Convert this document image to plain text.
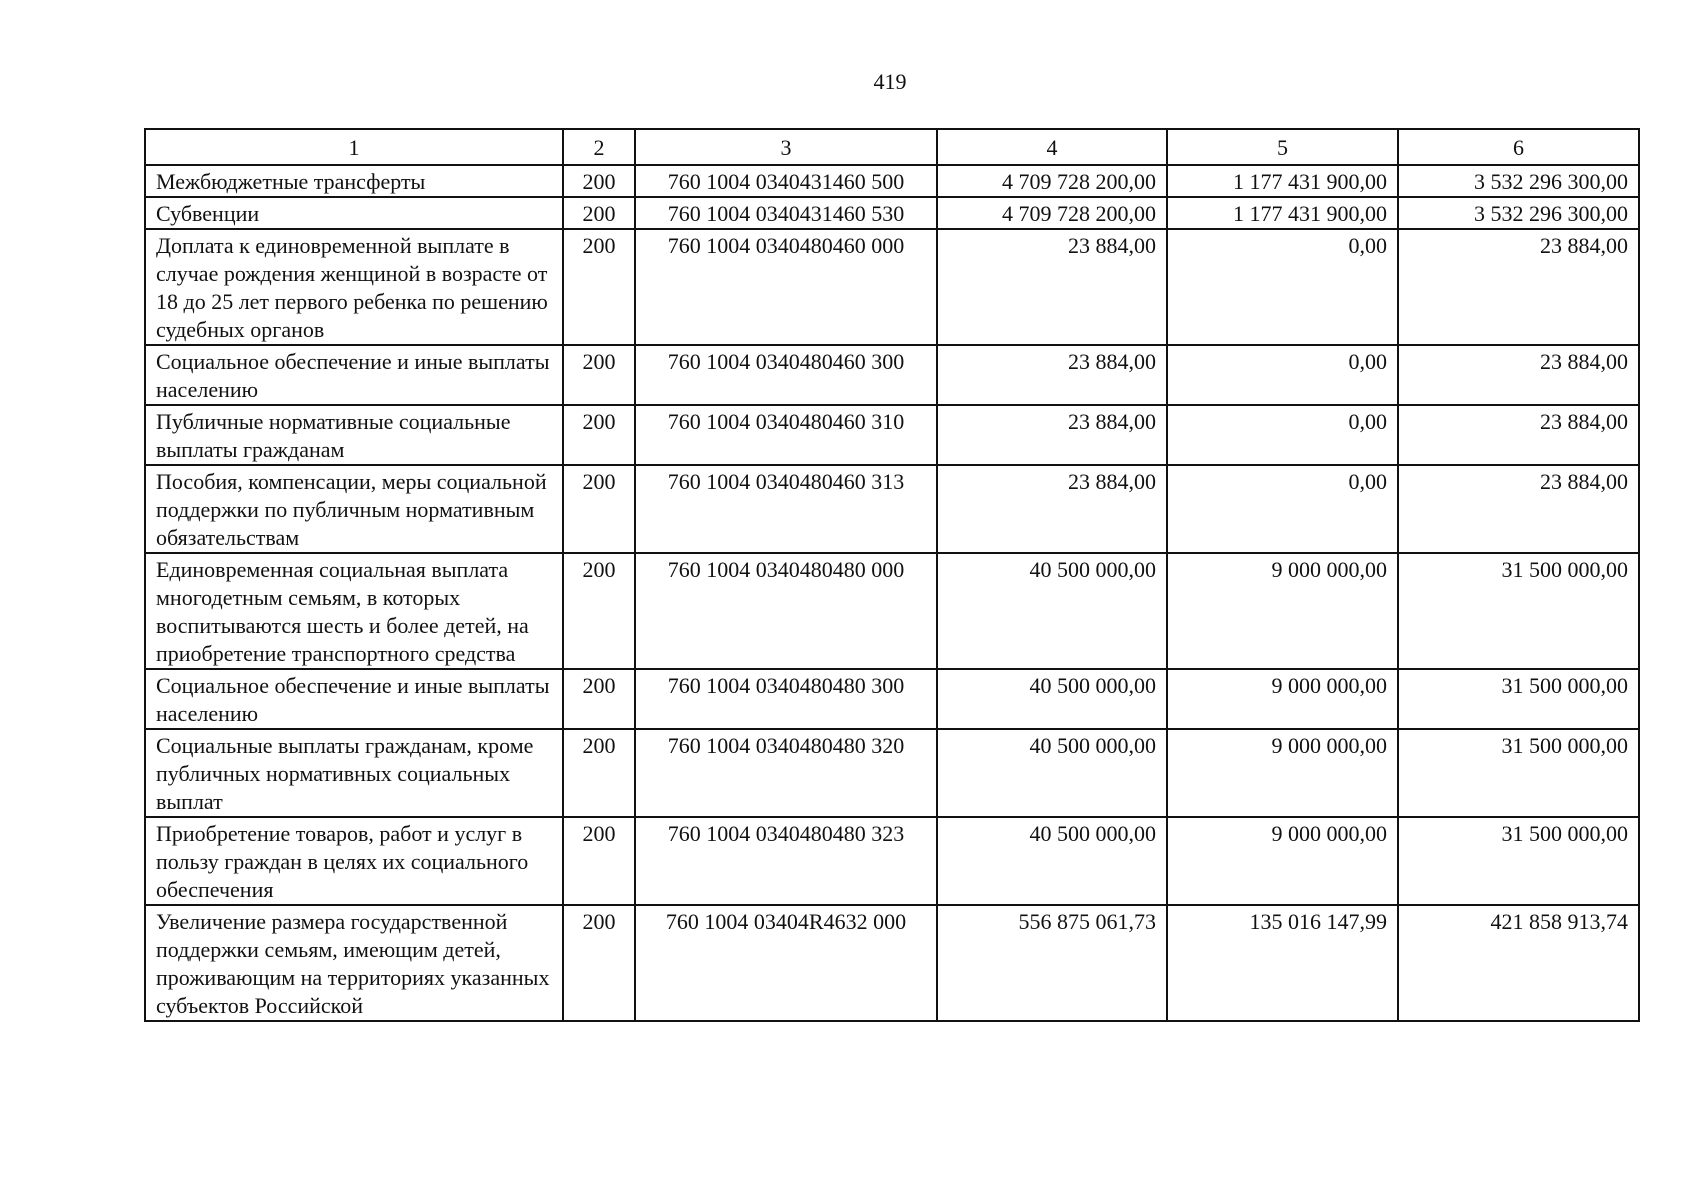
419
1	2	3	4	5	6
Межбюджетные трансферты	200	760 1004 0340431460 500	4 709 728 200,00	1 177 431 900,00	3 532 296 300,00
Субвенции	200	760 1004 0340431460 530	4 709 728 200,00	1 177 431 900,00	3 532 296 300,00
Доплата к единовременной выплате в случае рождения женщиной в возрасте от 18 до 25 лет первого ребенка по решению судебных органов	200	760 1004 0340480460 000	23 884,00	0,00	23 884,00
Социальное обеспечение и иные выплаты населению	200	760 1004 0340480460 300	23 884,00	0,00	23 884,00
Публичные нормативные социальные выплаты гражданам	200	760 1004 0340480460 310	23 884,00	0,00	23 884,00
Пособия, компенсации, меры социальной поддержки по публичным нормативным обязательствам	200	760 1004 0340480460 313	23 884,00	0,00	23 884,00
Единовременная социальная выплата многодетным семьям, в которых воспитываются шесть и более детей, на приобретение транспортного средства	200	760 1004 0340480480 000	40 500 000,00	9 000 000,00	31 500 000,00
Социальное обеспечение и иные выплаты населению	200	760 1004 0340480480 300	40 500 000,00	9 000 000,00	31 500 000,00
Социальные выплаты гражданам, кроме публичных нормативных социальных выплат	200	760 1004 0340480480 320	40 500 000,00	9 000 000,00	31 500 000,00
Приобретение товаров, работ и услуг в пользу граждан в целях их социального обеспечения	200	760 1004 0340480480 323	40 500 000,00	9 000 000,00	31 500 000,00
Увеличение размера государственной поддержки семьям, имеющим детей, проживающим на территориях указанных субъектов Российской	200	760 1004 03404R4632 000	556 875 061,73	135 016 147,99	421 858 913,74
